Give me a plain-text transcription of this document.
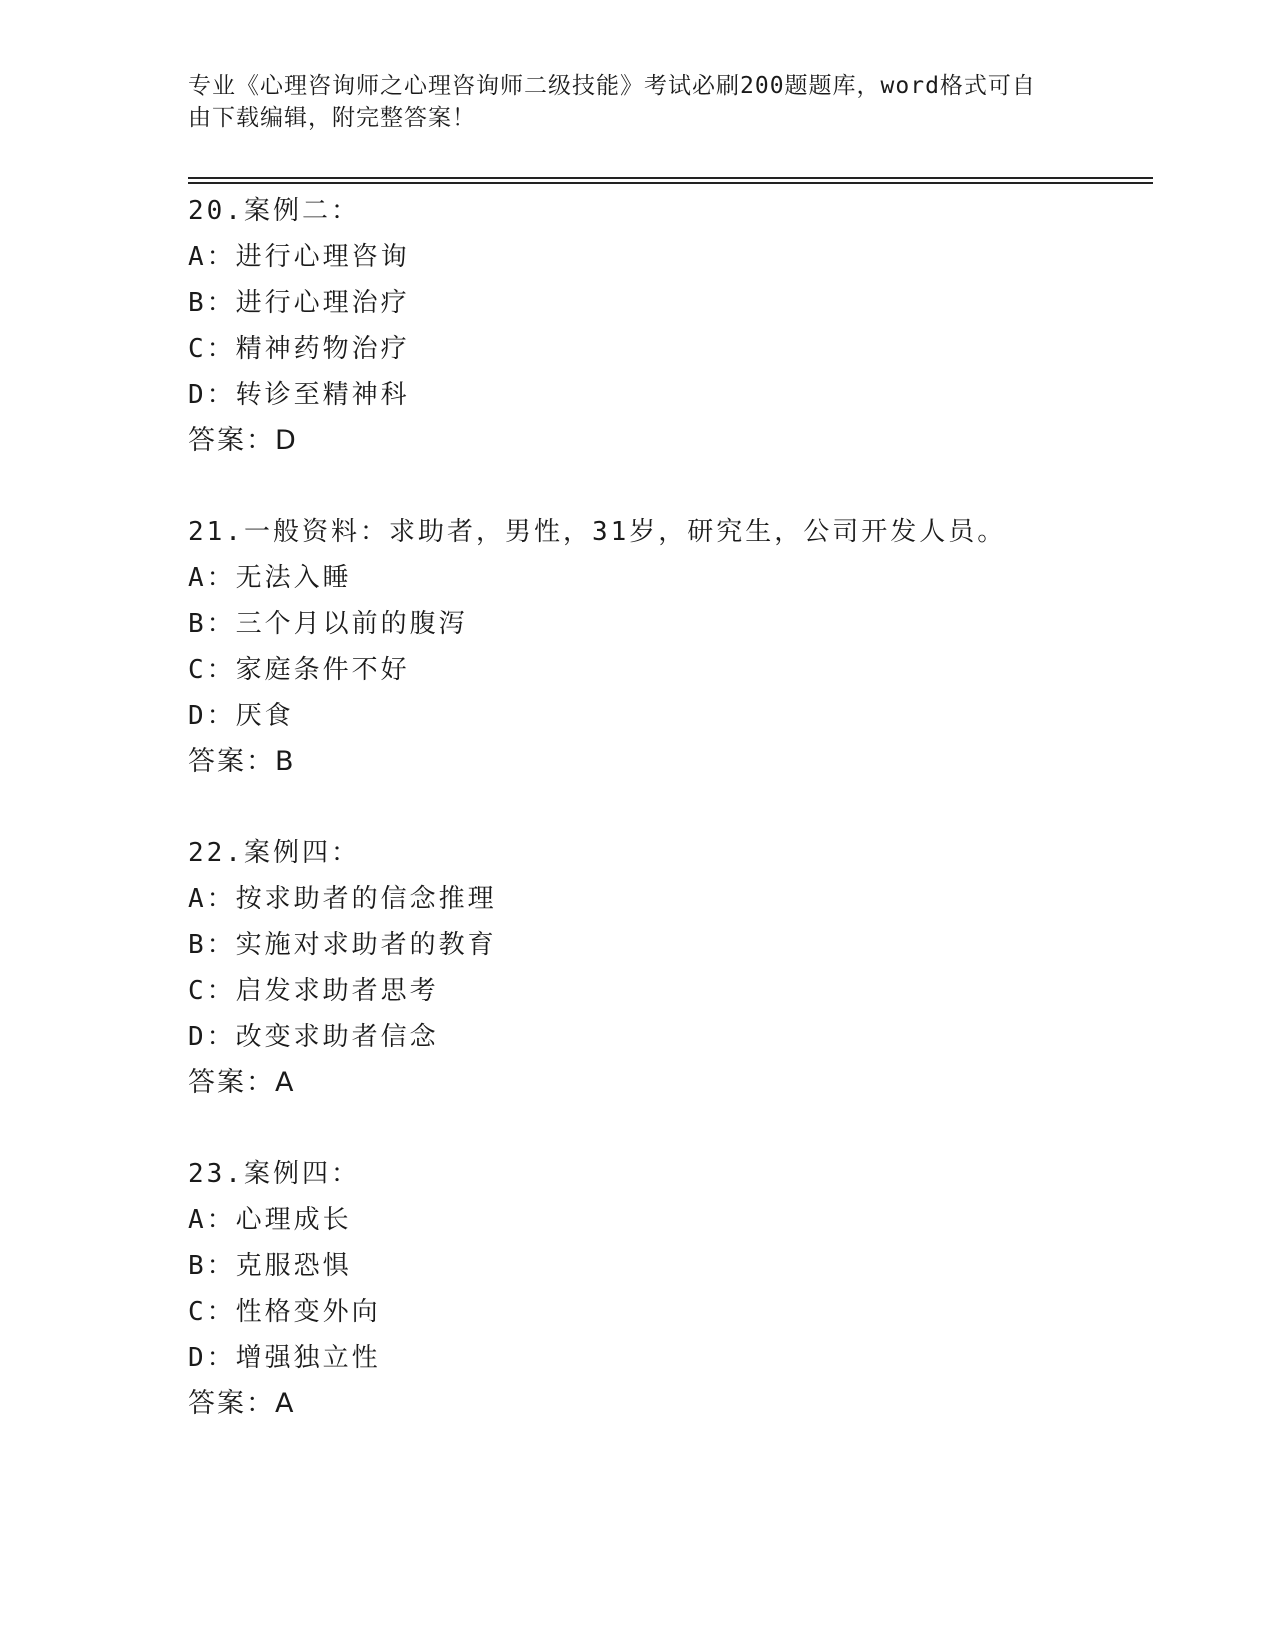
专业《心理咨询师之心理咨询师二级技能》考试必刷200题题库，word格式可自
由下载编辑，附完整答案！
20.案例二：
A：进行心理咨询
B：进行心理治疗
C：精神药物治疗
D：转诊至精神科
答案：D
21.一般资料：求助者，男性，31岁，研究生，公司开发人员。
A：无法入睡
B：三个月以前的腹泻
C：家庭条件不好
D：厌食
答案：B
22.案例四：
A：按求助者的信念推理
B：实施对求助者的教育
C：启发求助者思考
D：改变求助者信念
答案：A
23.案例四：
A：心理成长
B：克服恐惧
C：性格变外向
D：增强独立性
答案：A
